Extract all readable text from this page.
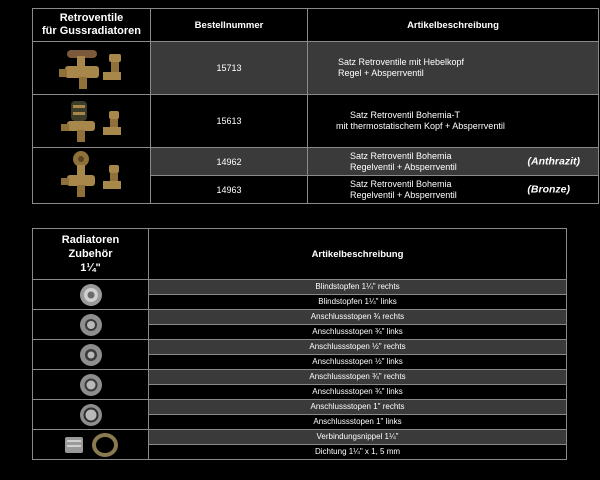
Retroventile
für Gussradiatoren	Bestellnummer	Artikelbeschreibung

	15713	Satz Retroventile mit Hebelkopf
Regel + Absperrventil

	15613	Satz Retroventil Bohemia-T
mit thermostatischem Kopf + Absperrventil

	14962	Satz Retroventil Bohemia
Regelventil + Absperrventil (Anthrazit)

	14963	Satz Retroventil Bohemia
Regelventil + Absperrventil (Bronze)
Radiatoren
Zubehör
1¼"	Artikelbeschreibung

	Blindstopfen 1¼" rechts
	Blindstopfen 1¼" links

	Anschlussstopen ¾ rechts
	Anschlussstopen ¾" links

	Anschlussstopen ½" rechts
	Anschlussstopen ½" links

	Anschlussstopen ¾" rechts
	Anschlussstopen ¾" links

	Anschlussstopen 1" rechts
	Anschlussstopen 1" links

	Verbindungsnippel 1¼"
	Dichtung 1¼" x 1, 5 mm
